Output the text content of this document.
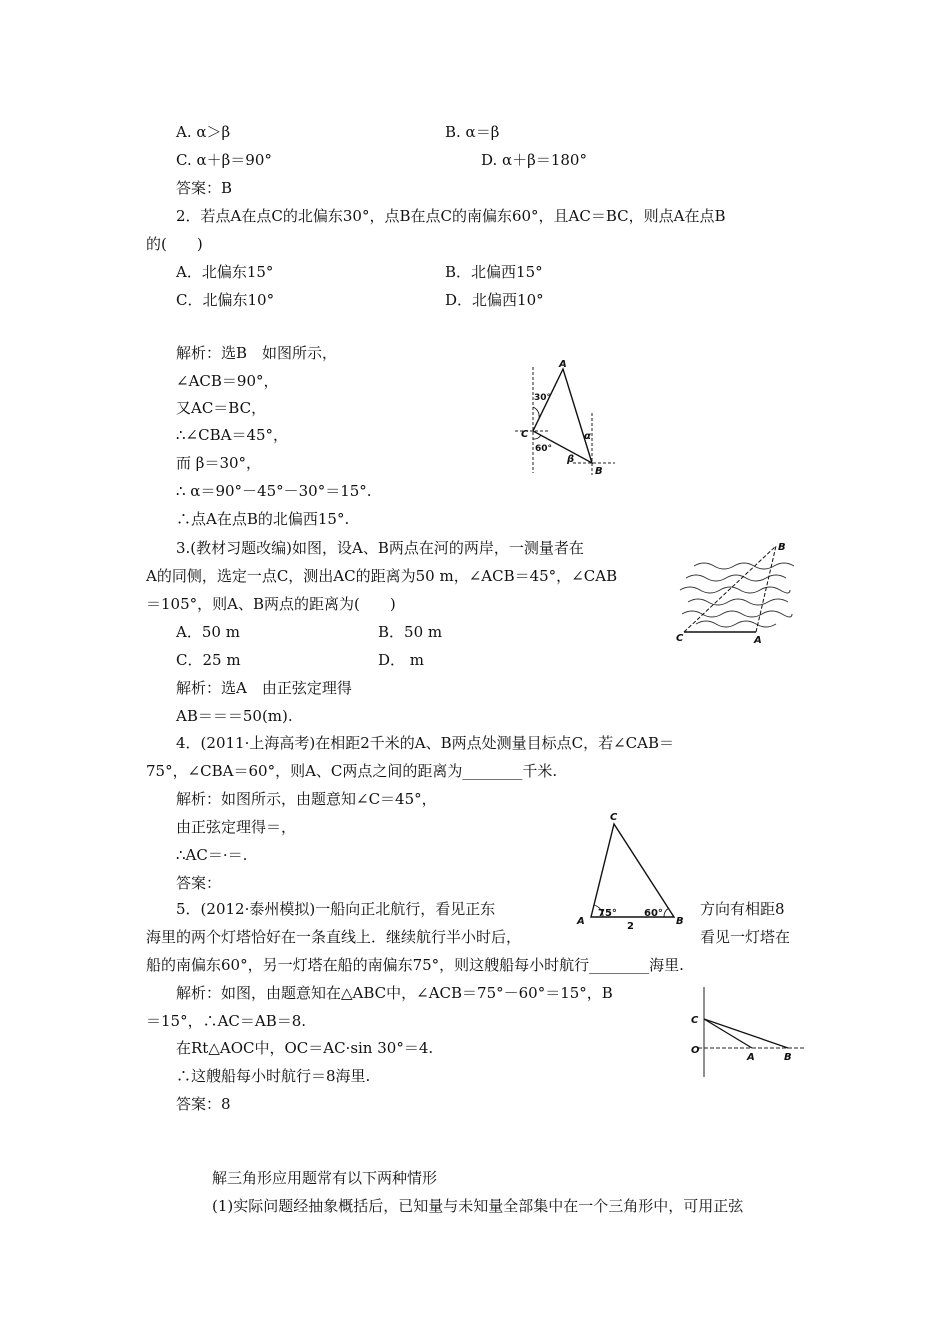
A. α＞β	B. α＝β
C. α＋β＝90°	D. α＋β＝180°
答案：B
2．若点A在点C的北偏东30°，点B在点C的南偏东60°，且AC＝BC，则点A在点B
的(　　)
A．北偏东15°	B．北偏西15°
C．北偏东10°	D．北偏西10°
解析：选B　如图所示，
∠ACB＝90°，
又AC＝BC，
∴∠CBA＝45°，
而 β＝30°，
∴ α＝90°－45°－30°＝15°.
∴点A在点B的北偏西15°.
A
30°
C
60°
α
β
B
3.(教材习题改编)如图，设A、B两点在河的两岸，一测量者在
A的同侧，选定一点C，测出AC的距离为50 m，∠ACB＝45°，∠CAB
＝105°，则A、B两点的距离为(　　)
A．50 m	B．50 m
C．25 m	D． m
解析：选A　由正弦定理得
AB＝＝＝50(m).
B
C	A
4．(2011·上海高考)在相距2千米的A、B两点处测量目标点C，若∠CAB＝
75°，∠CBA＝60°，则A、C两点之间的距离为________千米.
解析：如图所示，由题意知∠C＝45°，
由正弦定理得＝，
∴AC＝·＝.
答案：
C
A
75°	60°
B
2
5．(2012·泰州模拟)一船向正北航行，看见正东	方向有相距8
海里的两个灯塔恰好在一条直线上．继续航行半小时后，	看见一灯塔在
船的南偏东60°，另一灯塔在船的南偏东75°，则这艘船每小时航行________海里.
解析：如图，由题意知在△ABC中，∠ACB＝75°－60°＝15°，B
＝15°，∴AC＝AB＝8.
在Rt△AOC中，OC＝AC·sin 30°＝4.
∴这艘船每小时航行＝8海里.
答案：8
C
O
A	B
解三角形应用题常有以下两种情形
(1)实际问题经抽象概括后，已知量与未知量全部集中在一个三角形中，可用正弦
